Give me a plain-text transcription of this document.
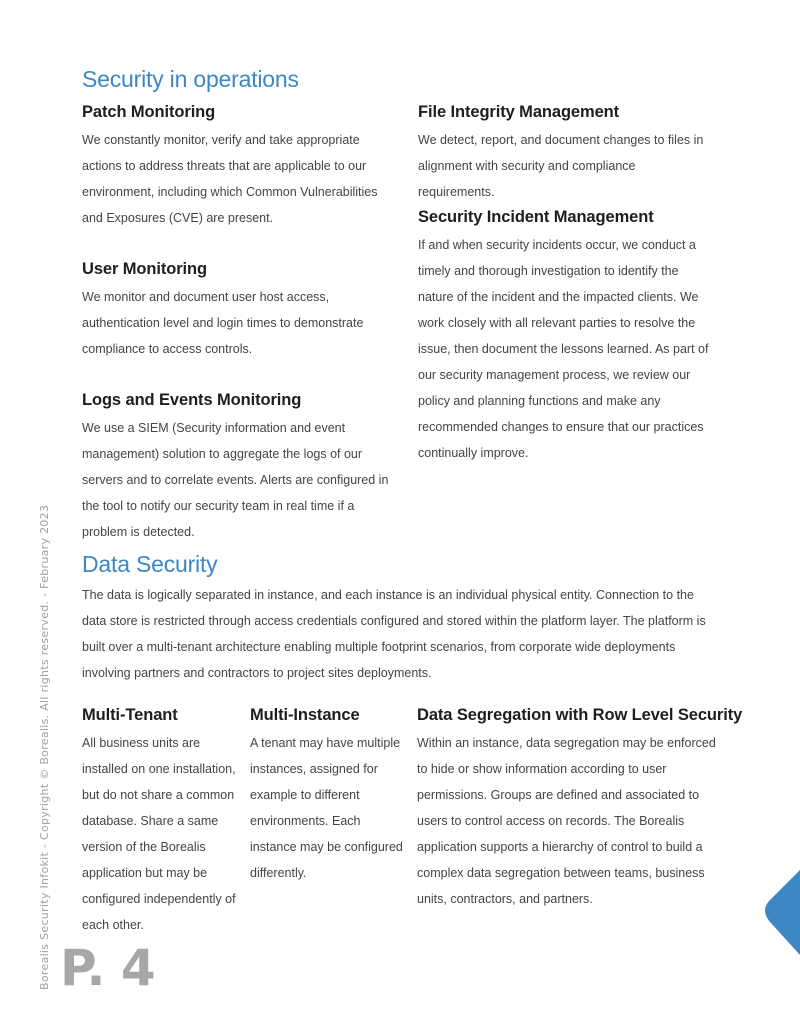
Security in operations
Patch Monitoring

We constantly monitor, verify and take appropriate actions to address threats that are applicable to our environment, including which Common Vulnerabilities and Exposures (CVE) are present.

User Monitoring

We monitor and document user host access, authentication level and login times to demonstrate compliance to access controls.

Logs and Events Monitoring

We use a SIEM (Security information and event management) solution to aggregate the logs of our servers and to correlate events. Alerts are configured in the tool to notify our security team in real time if a problem is detected.

File Integrity Management

We detect, report, and document changes to files in alignment with security and compliance requirements.

Security Incident Management

If and when security incidents occur, we conduct a timely and thorough investigation to identify the nature of the incident and the impacted clients. We work closely with all relevant parties to resolve the issue, then document the lessons learned. As part of our security management process, we review our policy and planning functions and make any recommended changes to ensure that our practices continually improve.

Data Security

The data is logically separated in instance, and each instance is an individual physical entity. Connection to the data store is restricted through access credentials configured and stored within the platform layer. The platform is built over a multi-tenant architecture enabling multiple footprint scenarios, from corporate wide deployments involving partners and contractors to project sites deployments.

Multi-Tenant

All business units are installed on one installation, but do not share a common database. Share a same version of the Borealis application but may be configured independently of each other.

Multi-Instance

A tenant may have multiple instances, assigned for example to different environments. Each instance may be configured differently.

Data Segregation with Row Level Security

Within an instance, data segregation may be enforced to hide or show information according to user permissions. Groups are defined and associated to users to control access on records. The Borealis application supports a hierarchy of control to build a complex data segregation between teams, business units, contractors, and partners.

Borealis Security Infokit - Copyright © Borealis. All rights reserved. - February 2023 P. 4
